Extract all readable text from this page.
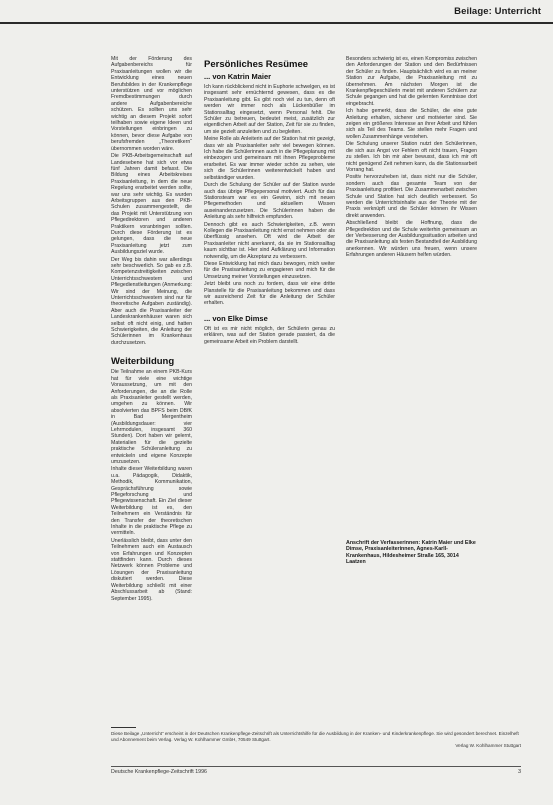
Beilage: Unterricht

Mit der Förderung des Aufgabenbereichs für Praxisanleitungen wollen wir die Entwicklung eines neuen Berufsbildes in der Krankenpflege unterstützen und vor möglichen Fremdbestimmungen durch andere Aufgabenbereiche schützen. Es sollten uns sehr wichtig an diesem Projekt sofort teilhaben sowie eigene Ideen und Vorstellungen einbringen zu können, bevor diese Aufgabe von berufsfremden „Theoretikern“ übernommen worden wäre.

Die PKB-Arbeitsgemeinschaft auf Landesebene hat sich vor etwa fünf Jahren damit befasst. Die Bildung eines Arbeitskreises Praxisanleitung, in dem die neue Regelung erarbeitet werden sollte, war uns sehr wichtig. Es wurden Arbeitsgruppen aus den PKB-Schulen zusammengestellt, die das Projekt mit Unterstützung von Pflegedirektoren und anderen Praktikern voranbringen sollten. Durch diese Förderung ist es gelungen, dass die neue Praxisanleitung jetzt zum Ausbildungsziel wurde.

Der Weg bis dahin war allerdings sehr beschwerlich. So gab es z.B. Kompetenzstreitigkeiten zwischen Unterrichtsschwestern und Pflegedienstleitungen (Anmerkung: Wir sind der Meinung, die Unterrichtsschwestern sind nur für theoretische Aufgaben zuständig). Aber auch die Praxisanleiter der Landeskrankenhäuser waren sich selbst oft nicht einig, und hatten Schwierigkeiten, die Anleitung der Schülerinnen im Krankenhaus durchzusetzen.

Weiterbildung

Die Teilnahme an einem PKB-Kurs hat für viele eine wichtige Voraussetzung, um mit den Anforderungen, die an die Rolle als Praxisanleiter gestellt werden, umgehen zu können. Wir absolvierten das BPFS beim DBfK in Bad Mergentheim (Ausbildungsdauer: vier Lehrmodulen, insgesamt 360 Stunden). Dort haben wir gelernt, Materialien für die gezielte praktische Schüleranleitung zu entwickeln und eigene Konzepte umzusetzen.

Inhalte dieser Weiterbildung waren u.a. Pädagogik, Didaktik, Methodik, Kommunikation, Gesprächsführung sowie Pflegeforschung und Pflegewissenschaft. Ein Ziel dieser Weiterbildung ist es, den Teilnehmern ein Verständnis für den Transfer der theoretischen Inhalte in die praktische Pflege zu vermitteln.

Unerlässlich bleibt, dass unter den Teilnehmern auch ein Austausch von Erfahrungen und Konzepten stattfinden kann. Durch dieses Netzwerk können Probleme und Lösungen der Praxisanleitung diskutiert werden. Diese Weiterbildung schließt mit einer Abschlussarbeit ab (Stand: September 1995).

Persönliches Resümee
... von Katrin Maier

Ich kann rückblickend nicht in Euphorie schwelgen, es ist insgesamt sehr ernüchternd gewesen, dass es die Praxisanleitung gibt. Es gibt noch viel zu tun, denn oft werden wir immer noch als Lückenbüßer im Stationsalltag eingesetzt, wenn Personal fehlt. Die Schüler zu betreuen, bedeutet meist, zusätzlich zur eigentlichen Arbeit auf der Station, Zeit für sie zu finden, um sie gezielt anzuleiten und zu begleiten.

Meine Rolle als Anleiterin auf der Station hat mir gezeigt, dass wir als Praxisanleiter sehr viel bewegen können. Ich habe die Schülerinnen auch in die Pflegeplanung mit einbezogen und gemeinsam mit ihnen Pflegeprobleme erarbeitet. Es war immer wieder schön zu sehen, wie sich die Schülerinnen weiterentwickelt haben und selbständiger wurden.

Durch die Schulung der Schüler auf der Station wurde auch das übrige Pflegepersonal motiviert. Auch für das Stationsteam war es ein Gewinn, sich mit neuen Pflegemethoden und aktuellem Wissen auseinanderzusetzen. Die Schülerinnen haben die Anleitung als sehr hilfreich empfunden.

Dennoch gibt es auch Schwierigkeiten, z.B. wenn Kollegen die Praxisanleitung nicht ernst nehmen oder als überflüssig ansehen. Oft wird die Arbeit der Praxisanleiter nicht anerkannt, da sie im Stationsalltag kaum sichtbar ist. Hier sind Aufklärung und Information notwendig, um die Akzeptanz zu verbessern.

Diese Entwicklung hat mich dazu bewogen, mich weiter für die Praxisanleitung zu engagieren und mich für die Umsetzung meiner Vorstellungen einzusetzen.

Jetzt bleibt uns noch zu fordern, dass wir eine dritte Planstelle für die Praxisanleitung bekommen und dass wir ausreichend Zeit für die Anleitung der Schüler erhalten.

... von Elke Dimse

Oft ist es mir nicht möglich, der Schülerin genau zu erklären, was auf der Station gerade passiert, da die gemeinsame Arbeit ein Problem darstellt.

Besonders schwierig ist es, einen Kompromiss zwischen den Anforderungen der Station und den Bedürfnissen der Schüler zu finden. Hauptsächlich wird es an meiner Station zur Aufgabe, die Praxisanleitung mit zu übernehmen. Am nächsten Morgen ist die Krankenpflegeschülerin meist mit anderen Schülern zur Schule gegangen und hat die gelernten Kenntnisse dort eingebracht.

Ich habe gemerkt, dass die Schüler, die eine gute Anleitung erhalten, sicherer und motivierter sind. Sie zeigen ein größeres Interesse an ihrer Arbeit und fühlen sich als Teil des Teams. Sie stellen mehr Fragen und wollen Zusammenhänge verstehen.

Die Schulung unserer Station nutzt den Schülerinnen, die sich aus Angst vor Fehlern oft nicht trauen, Fragen zu stellen. Ich bin mir aber bewusst, dass ich mir oft nicht genügend Zeit nehmen kann, da die Stationsarbeit Vorrang hat.

Positiv hervorzuheben ist, dass nicht nur die Schüler, sondern auch das gesamte Team von der Praxisanleitung profitiert. Die Zusammenarbeit zwischen Schule und Station hat sich deutlich verbessert. So werden die Unterrichtsinhalte aus der Theorie mit der Praxis verknüpft und die Schüler können ihr Wissen direkt anwenden.

Abschließend bleibt die Hoffnung, dass die Pflegedirektion und die Schule weiterhin gemeinsam an der Verbesserung der Ausbildungssituation arbeiten und die Praxisanleitung als festen Bestandteil der Ausbildung anerkennen. Wir würden uns freuen, wenn unsere Erfahrungen anderen Häusern helfen würden.

Anschrift der Verfasserinnen: Katrin Maier und Elke Dimse, Praxisanleiterinnen, Agnes-Karll-Krankenhaus, Hildesheimer Straße 165, 3014 Laatzen
Diese Beilage „Unterricht“ erscheint in der Deutschen Krankenpflege-Zeitschrift als Unterrichtshilfe für die Ausbildung in der Kranken- und Kinderkrankenpflege. Sie wird gesondert berechnet. Einzelheft und Abonnement beim Verlag. Verlag W. Kohlhammer GmbH, 70549 Stuttgart.
Verlag W. Kohlhammer Stuttgart
Deutsche Krankenpflege-Zeitschrift 1996	3
